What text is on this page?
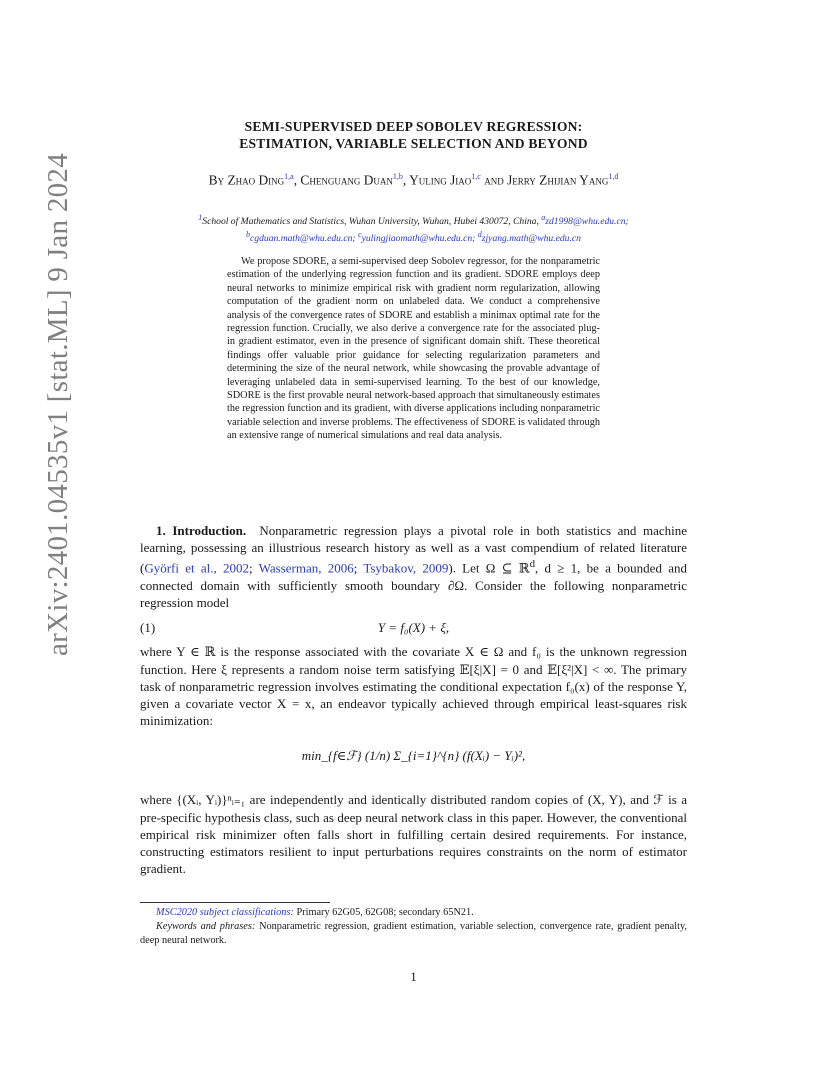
arXiv:2401.04535v1 [stat.ML] 9 Jan 2024
SEMI-SUPERVISED DEEP SOBOLEV REGRESSION:
ESTIMATION, VARIABLE SELECTION AND BEYOND
By Zhao Ding$^{1,a}$, Chenguang Duan$^{1,b}$, Yuling Jiao$^{1,c}$ and Jerry Zhijian Yang$^{1,d}$
$^1$School of Mathematics and Statistics, Wuhan University, Wuhan, Hubei 430072, China, $^a$zd1998@whu.edu.cn;
$^b$cgduan.math@whu.edu.cn; $^c$yulingjiaomath@whu.edu.cn; $^d$zjyang.math@whu.edu.cn
We propose SDORE, a semi-supervised deep Sobolev regressor, for the nonparametric estimation of the underlying regression function and its gradient. SDORE employs deep neural networks to minimize empirical risk with gradient norm regularization, allowing computation of the gradient norm on unlabeled data. We conduct a comprehensive analysis of the convergence rates of SDORE and establish a minimax optimal rate for the regression function. Crucially, we also derive a convergence rate for the associated plug-in gradient estimator, even in the presence of significant domain shift. These theoretical findings offer valuable prior guidance for selecting regularization parameters and determining the size of the neural network, while showcasing the provable advantage of leveraging unlabeled data in semi-supervised learning. To the best of our knowledge, SDORE is the first provable neural network-based approach that simultaneously estimates the regression function and its gradient, with diverse applications including nonparametric variable selection and inverse problems. The effectiveness of SDORE is validated through an extensive range of numerical simulations and real data analysis.

1. Introduction. Nonparametric regression plays a pivotal role in both statistics and machine learning, possessing an illustrious research history as well as a vast compendium of related literature (Györfi et al., 2002; Wasserman, 2006; Tsybakov, 2009). Let Ω ⊆ ℝ$^d$, d ≥ 1, be a bounded and connected domain with sufficiently smooth boundary ∂Ω. Consider the following nonparametric regression model

(1)	Y = f₀(X) + ξ,

where Y ∈ ℝ is the response associated with the covariate X ∈ Ω and f₀ is the unknown regression function. Here ξ represents a random noise term satisfying 𝔼[ξ|X] = 0 and 𝔼[ξ²|X] < ∞. The primary task of nonparametric regression involves estimating the conditional expectation f₀(x) of the response Y, given a covariate vector X = x, an endeavor typically achieved through empirical least-squares risk minimization:

min_{f∈ℱ} (1/n) Σ_{i=1}^{n} (f(Xᵢ) − Yᵢ)²,

where {(Xᵢ, Yᵢ)}ⁿᵢ₌₁ are independently and identically distributed random copies of (X, Y), and ℱ is a pre-specific hypothesis class, such as deep neural network class in this paper. However, the conventional empirical risk minimizer often falls short in fulfilling certain desired requirements. For instance, constructing estimators resilient to input perturbations requires constraints on the norm of estimator gradient.

MSC2020 subject classifications: Primary 62G05, 62G08; secondary 65N21.

Keywords and phrases: Nonparametric regression, gradient estimation, variable selection, convergence rate, gradient penalty, deep neural network.

1
